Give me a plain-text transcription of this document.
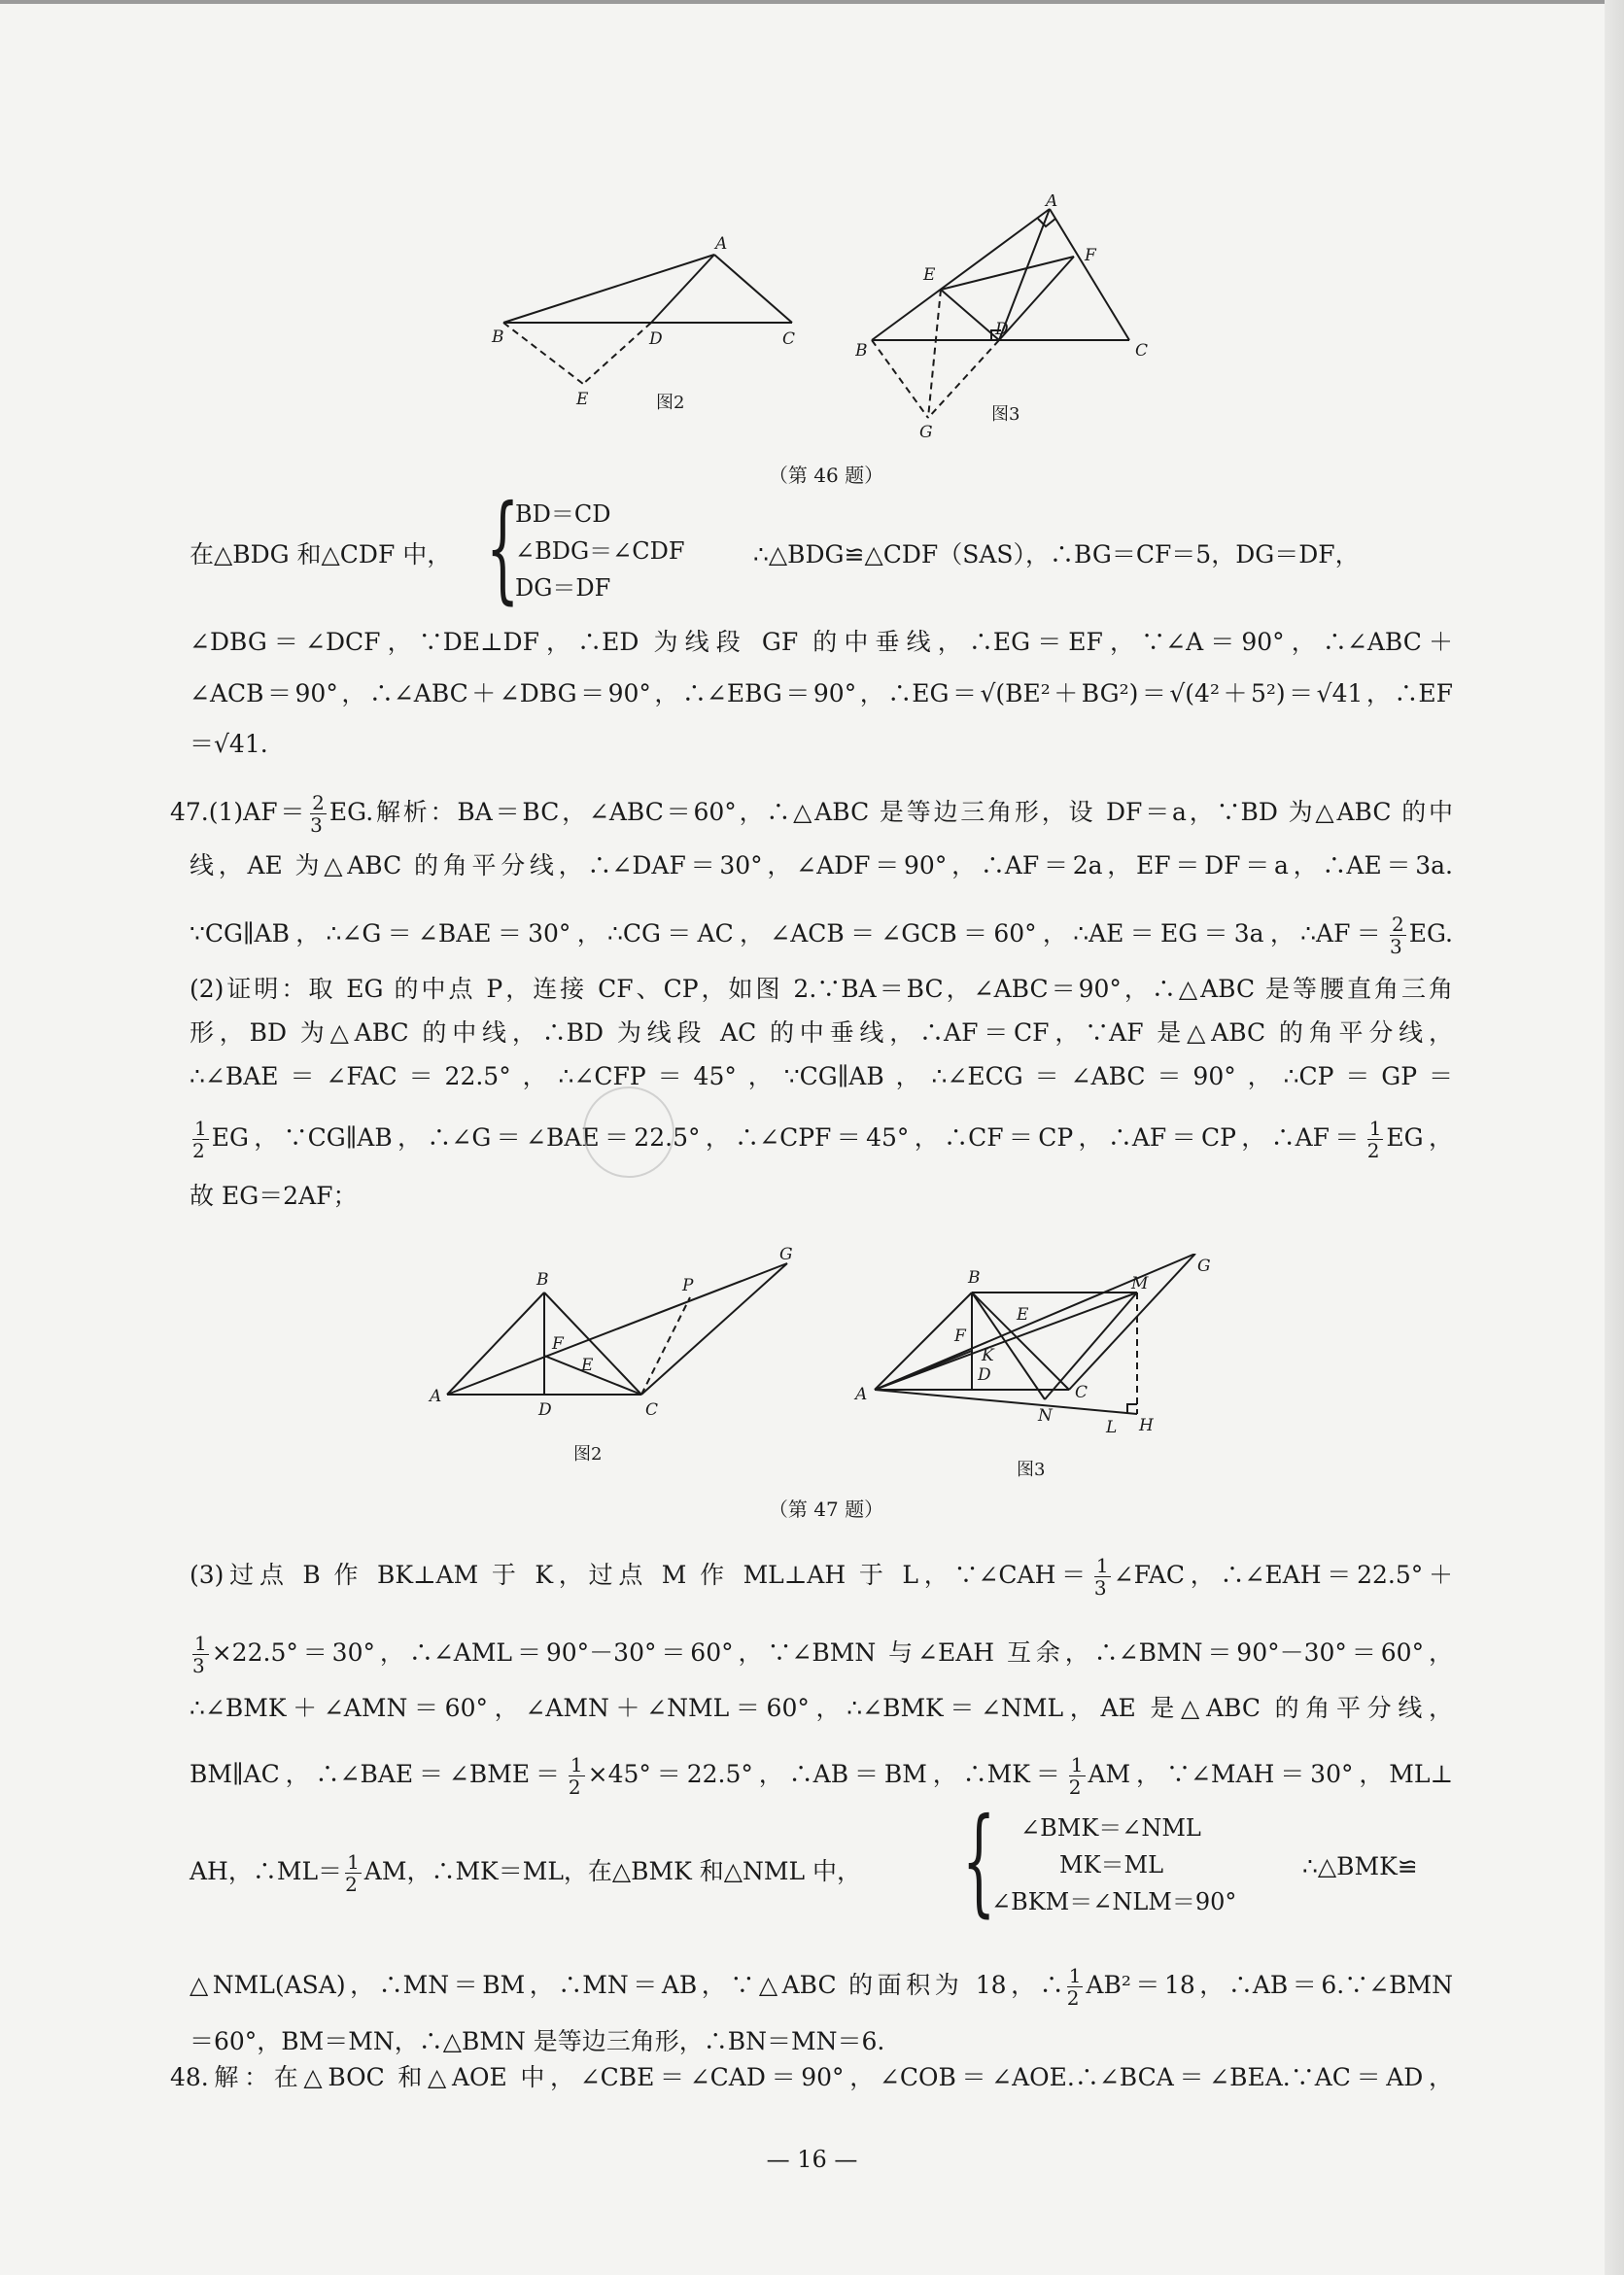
A
B	D	C
E	图2
A
E
F
B
D
C
G
图3
（第 46 题）
在△BDG 和△CDF 中， {
BD＝CD
∠BDG＝∠CDF
DG＝DF
∴△BDG≌△CDF（SAS），∴BG＝CF＝5，DG＝DF，
∠DBG＝∠DCF，∵DE⊥DF，∴ED 为线段 GF 的中垂线，∴EG＝EF，∵∠A＝90°，∴∠ABC＋
∠ACB＝90°，∴∠ABC＋∠DBG＝90°，∴∠EBG＝90°，∴EG＝√(BE²＋BG²)＝√(4²＋5²)＝√41，∴EF
＝√41.
$47.(1)AF= \frac{2}{3}$ EG.解析：BA＝BC，∠ABC＝60°，∴△ABC 是等边三角形，设 DF＝a，∵BD 为△ABC 的中
线，AE 为△ABC 的角平分线，∴∠DAF＝30°，∠ADF＝90°，∴AF＝2a，EF＝DF＝a，∴AE＝3a.
∵CG∥AB，∴∠G＝∠BAE＝30°，∴CG＝AC，∠ACB＝∠GCB＝60°，∴AE＝EG＝3a，∴AF＝ $\frac{2}{3}$ EG.
(2)证明：取 EG 的中点 P，连接 CF、CP，如图 2.∵BA＝BC，∠ABC＝90°，∴△ABC 是等腰直角三角
形，BD 为△ABC 的中线，∴BD 为线段 AC 的中垂线，∴AF＝CF，∵AF 是△ABC 的角平分线，
∴∠BAE＝∠FAC＝22.5°，∴∠CFP＝45°，∵CG∥AB，∴∠ECG＝∠ABC＝90°，∴CP＝GP＝
$\frac{1}{2}$ EG，∵CG∥AB，∴∠G＝∠BAE＝22.5°，∴∠CPF＝45°，∴CF＝CP，∴AF＝CP，∴AF＝ $\frac{1}{2}$ EG，
故 EG＝2AF；
B	P
G
F
E
A
D	C
图2
B	M
G
E
F
K
D
A	C
N
L H
图3
（第 47 题）
(3)过点 B 作 BK⊥AM 于 K，过点 M 作 ML⊥AH 于 L，∵∠CAH＝ $\frac{1}{3}$ ∠FAC，∴∠EAH＝22.5°＋
$\frac{1}{3} \times 22.5^\circ=30^\circ$，∴∠AML＝90°－30°＝60°，∵∠BMN 与∠EAH 互余，∴∠BMN＝90°－30°＝60°，
∴∠BMK＋∠AMN＝60°，∠AMN＋∠NML＝60°，∴∠BMK＝∠NML，AE 是△ABC 的角平分线，
BM∥AC，∴∠BAE＝∠BME＝ $\frac{1}{2} \times 45^\circ=22.5^\circ$，∴AB＝BM，∴MK＝ $\frac{1}{2}$ AM，∵∠MAH＝30°，ML⊥
AH，∴ML＝ $\frac{1}{2}$ AM，∴MK＝ML，在△BMK 和△NML 中， {	∠BMK＝∠NML
MK＝ML
∠BKM＝∠NLM＝90°
∴△BMK≌
△NML(ASA)，∴MN＝BM，∴MN＝AB，∵△ABC 的面积为 18，∴ $\frac{1}{2} AB^2=18$，∴AB＝6.∵∠BMN
＝60°，BM＝MN，∴△BMN 是等边三角形，∴BN＝MN＝6.
48.解：在△BOC 和△AOE 中，∠CBE＝∠CAD＝90°，∠COB＝∠AOE.∴∠BCA＝∠BEA.∵AC＝AD，
— 16 —
